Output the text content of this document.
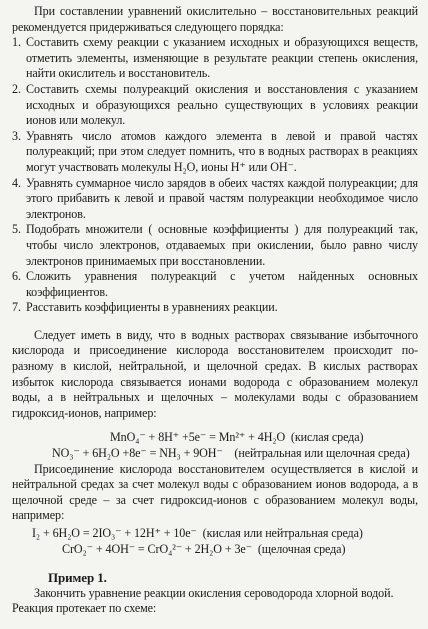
При составлении уравнений окислительно – восстановительных реакций рекомендуется придерживаться следующего порядка:

1. Составить схему реакции с указанием исходных и образующихся веществ, отметить элементы, изменяющие в результате реакции степень окисления, найти окислитель и восстановитель.
2. Составить схемы полуреакций окисления и восстановления с указанием исходных и образующихся реально существующих в условиях реакции ионов или молекул.
3. Уравнять число атомов каждого элемента в левой и правой частях полуреакций; при этом следует помнить, что в водных растворах в реакциях могут участвовать молекулы H₂O, ионы H⁺ или OH⁻.
4. Уравнять суммарное число зарядов в обеих частях каждой полуреакции; для этого прибавить к левой и правой частям полуреакции необходимое число электронов.
5. Подобрать множители ( основные коэффициенты ) для полуреакций так, чтобы число электронов, отдаваемых при окислении, было равно числу электронов принимаемых при восстановлении.
6. Сложить уравнения полуреакций с учетом найденных основных коэффициентов.
7. Расставить коэффициенты в уравнениях реакции.

Следует иметь в виду, что в водных растворах связывание избыточного кислорода и присоединение кислорода восстановителем происходит по-разному в кислой, нейтральной, и щелочной средах. В кислых растворах избыток кислорода связывается ионами водорода с образованием молекул воды, а в нейтральных и щелочных – молекулами воды с образованием гидроксид-ионов, например:

MnO₄⁻ + 8H⁺ +5e⁻ = Mn²⁺ + 4H₂O  (кислая среда)
NO₃⁻ + 6H₂O +8e⁻ = NH₃ + 9OH⁻    (нейтральная или щелочная среда)

Присоединение кислорода восстановителем осуществляется в кислой и нейтральной средах за счет молекул воды с образованием ионов водорода, а в щелочной среде – за счет гидроксид-ионов с образованием молекул воды, например:

I₂ + 6H₂O = 2IO₃⁻ + 12H⁺ + 10e⁻  (кислая или нейтральная среда)
CrO₂⁻ + 4OH⁻ = CrO₄²⁻ + 2H₂O + 3e⁻  (щелочная среда)
Пример 1.

Закончить уравнение реакции окисления сероводорода хлорной водой.

Реакция протекает по схеме:
